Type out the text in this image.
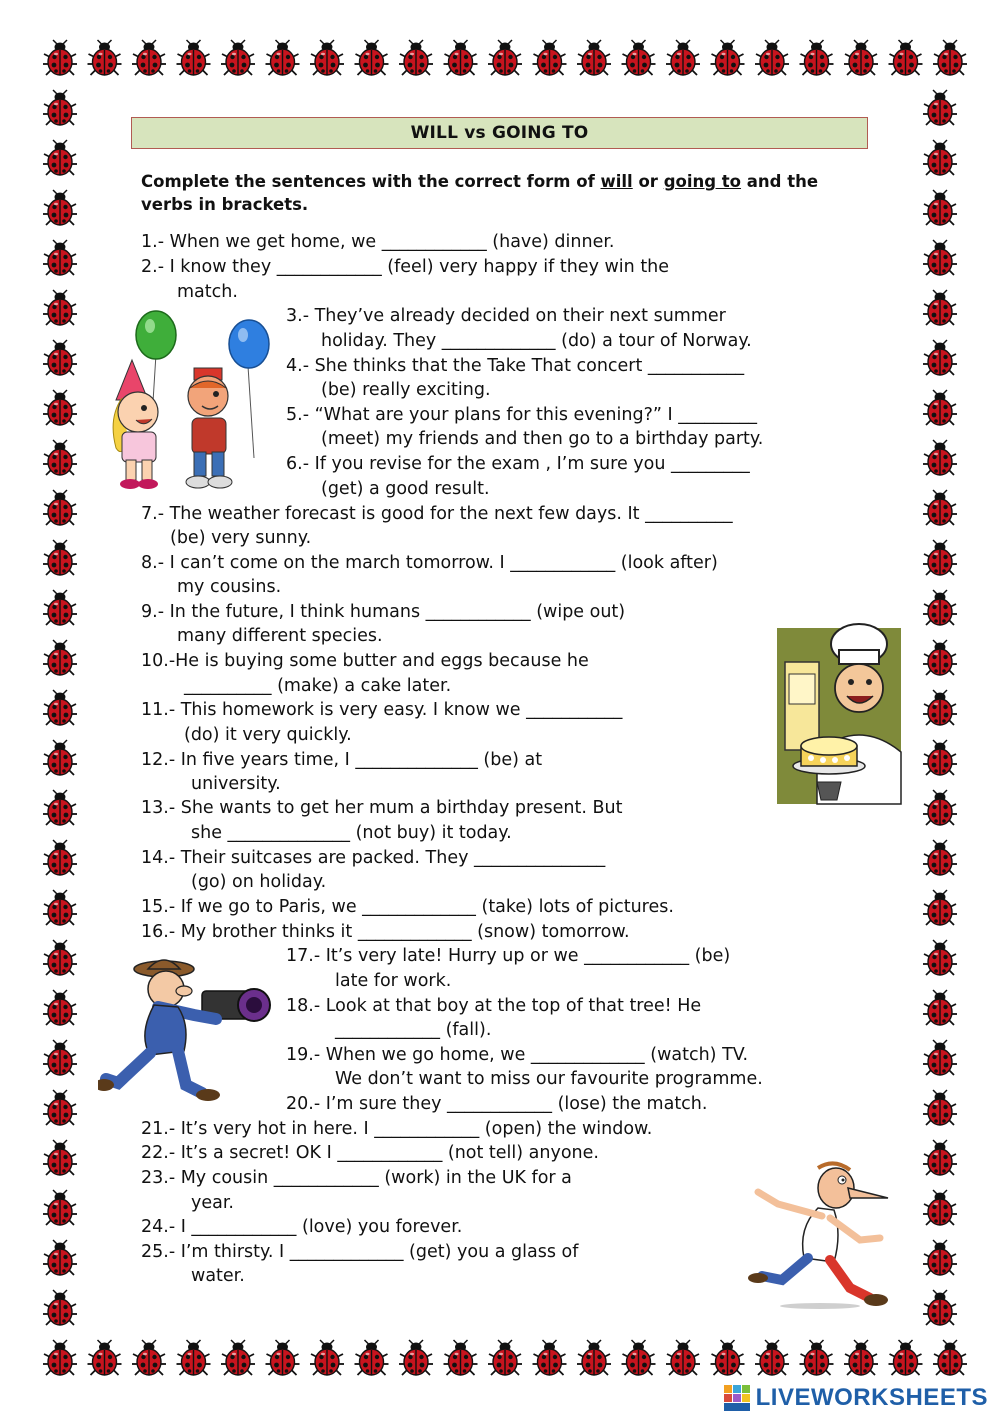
WILL vs GOING TO
Complete the sentences with the correct form of will or going to and the verbs in brackets.
1.- When we get home, we ____________ (have) dinner.
2.- I know they ____________ (feel) very happy if they win the
match.
3.- They’ve already decided on their next summer
holiday. They _____________ (do) a tour of Norway.
4.- She thinks that the Take That concert ___________
(be) really exciting.
5.- “What are your plans for this evening?” I _________
(meet) my friends and then go to a birthday party.
6.- If you revise for the exam , I’m sure you _________
(get) a good result.
7.- The weather forecast is good for the next few days. It __________
(be) very sunny.
8.- I can’t come on the march tomorrow. I ____________ (look after)
my cousins.
9.- In the future, I think humans ____________ (wipe out)
many different species.
10.-He is buying some butter and eggs because he
__________ (make) a cake later.
11.- This homework is very easy. I know we ___________
(do) it very quickly.
12.- In five years time, I ______________ (be) at
university.
13.- She wants to get her mum a birthday present. But
she ______________ (not buy) it today.
14.- Their suitcases are packed. They _______________
(go) on holiday.
15.- If we go to Paris, we _____________ (take) lots of pictures.
16.- My brother thinks it _____________ (snow) tomorrow.
17.- It’s very late! Hurry up or we ____________ (be)
late for work.
18.- Look at that boy at the top of that tree! He
____________ (fall).
19.- When we go home, we _____________ (watch) TV.
We don’t want to miss our favourite programme.
20.- I’m sure they ____________ (lose) the match.
21.- It’s very hot in here. I ____________ (open) the window.
22.- It’s a secret! OK I ____________ (not tell) anyone.
23.- My cousin ____________ (work) in the UK for a
year.
24.- I ____________ (love) you forever.
25.- I’m thirsty. I _____________ (get) you a glass of
water.
LIVEWORKSHEETS
